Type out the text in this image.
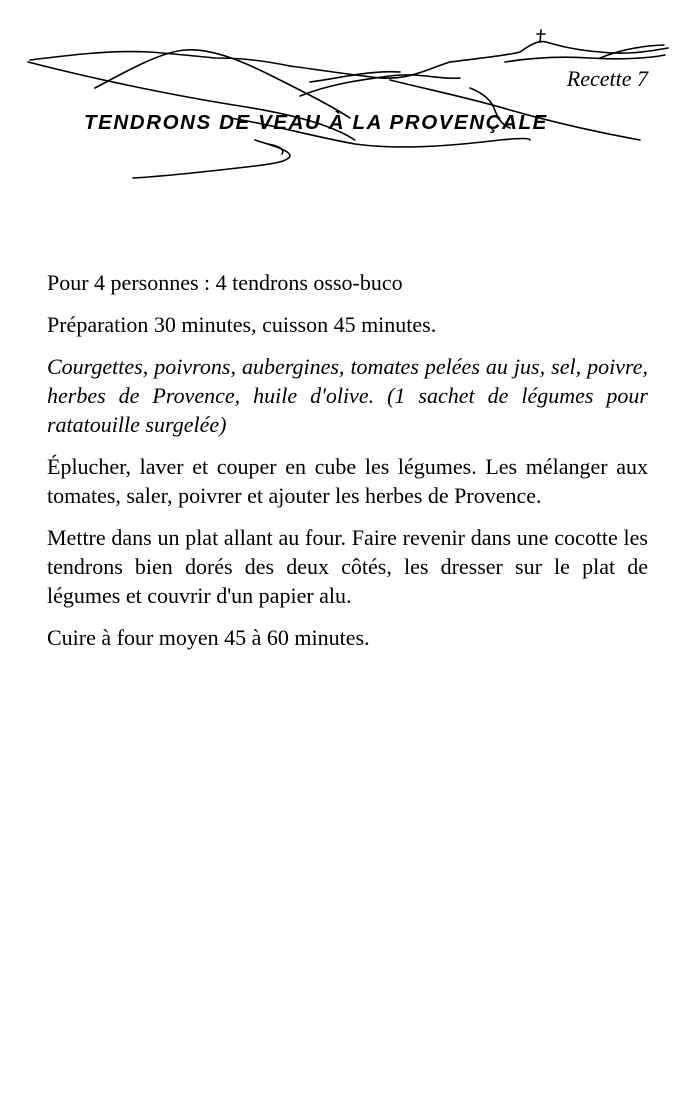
Recette 7
TENDRONS DE VEAU À LA PROVENÇALE

Pour 4 personnes : 4 tendrons osso-buco

Préparation 30 minutes, cuisson 45 minutes.

Courgettes, poivrons, aubergines, tomates pelées au jus, sel, poivre, herbes de Provence, huile d'olive. (1 sachet de légumes pour ratatouille surgelée)

Éplucher, laver et couper en cube les légumes. Les mélanger aux tomates, saler, poivrer et ajouter les herbes de Provence.

Mettre dans un plat allant au four. Faire revenir dans une cocotte les tendrons bien dorés des deux côtés, les dresser sur le plat de légumes et couvrir d'un papier alu.

Cuire à four moyen 45 à 60 minutes.
